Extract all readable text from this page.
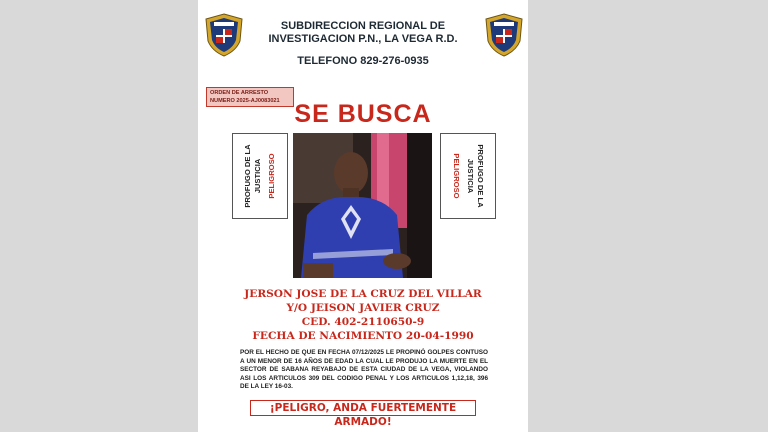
SUBDIRECCION REGIONAL DE
INVESTIGACION P.N., LA VEGA R.D.
TELEFONO 829-276-0935
ORDEN DE ARRESTO
NUMERO 2025-AJ0083021 SE BUSCA
PROFUGO DE LA JUSTICIA PELIGROSO	PROFUGO DE LA
JUSTICIA
PELIGROSO
JERSON JOSE DE LA CRUZ DEL VILLAR
Y/O JEISON JAVIER CRUZ
CED. 402-2110650-9
FECHA DE NACIMIENTO 20-04-1990
POR EL HECHO DE QUE EN FECHA 07/12/2025 LE PROPINÓ GOLPES CONTUSO A UN MENOR DE 16 AÑOS DE EDAD LA CUAL LE PRODUJO LA MUERTE EN EL SECTOR DE SABANA REYABAJO DE ESTA CIUDAD DE LA VEGA, VIOLANDO ASI LOS ARTICULOS 309 DEL CODIGO PENAL Y LOS ARTICULOS 1,12,18, 396 DE LA LEY 16-03.
¡PELIGRO, ANDA FUERTEMENTE ARMADO!
